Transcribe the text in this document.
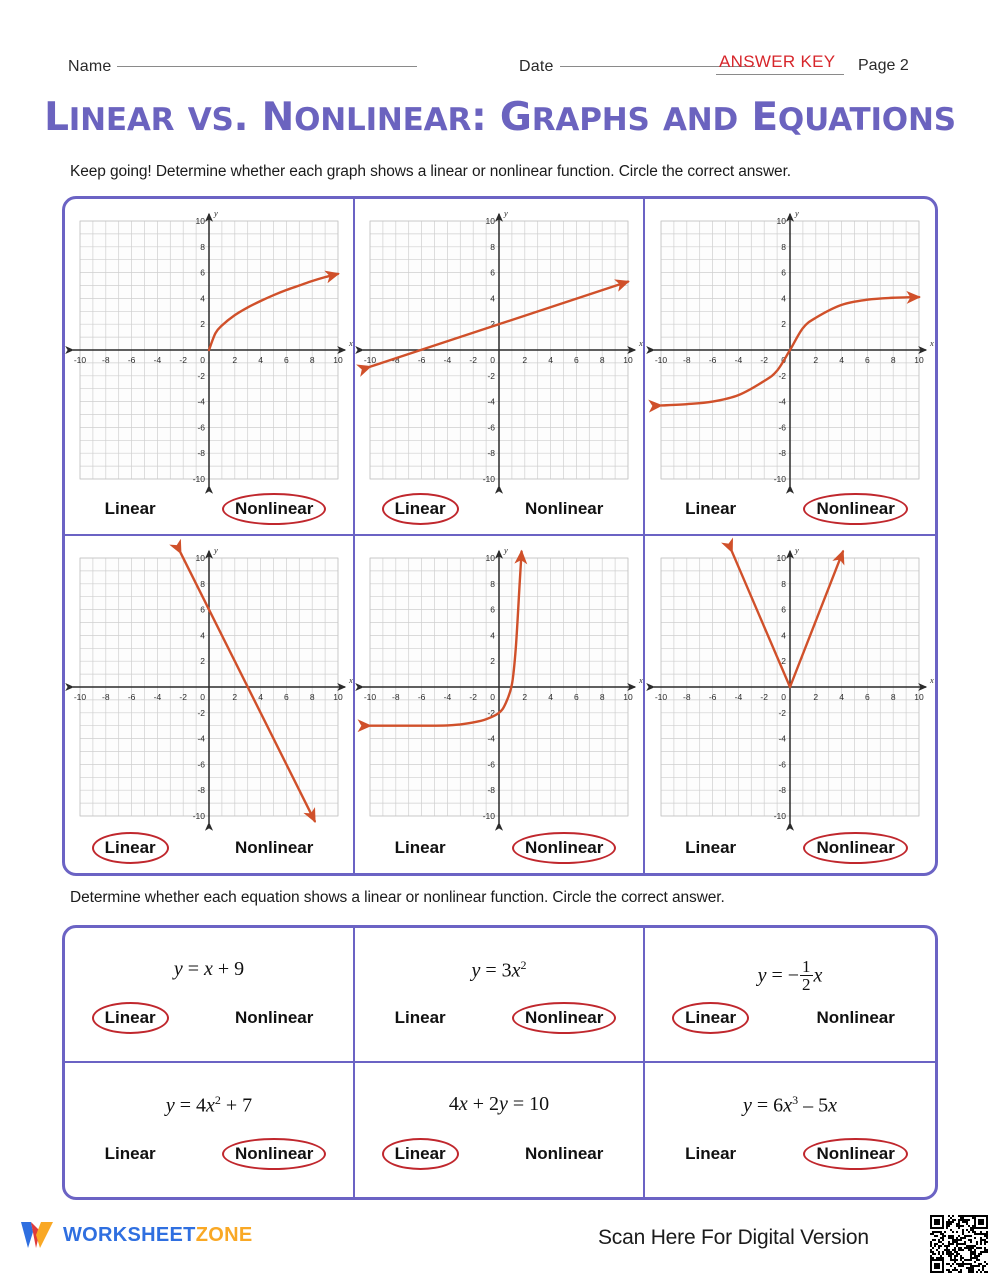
Name	Date	ANSWER KEY Page 2
LINEAR VS. NONLINEAR: GRAPHS AND EQUATIONS
Keep going! Determine whether each graph shows a linear or nonlinear function. Circle the correct answer.
x
y
-10 -8 -6 -4 -2	2 4 6 8 10
-10
-8
-6
-4
-2
2
4
6
8
10
0
Linear	Nonlinear
x
y
-10 -8 -6 -4 -2	2 4 6 8 10
-10
-8
-6
-4
-2
2
4
6
8
10
0
Linear	Nonlinear
x
y
-10 -8 -6 -4 -2	2 4 6 8 10
-10
-8
-6
-4
-2
2
4
6
8
10
0
Linear	Nonlinear
x
y
-10 -8 -6 -4 -2	2 4 6 8 10
-10
-8
-6
-4
-2
2
4
6
8
10
0
Linear	Nonlinear
x
y
-10 -8 -6 -4 -2	2 4 6 8 10
-10
-8
-6
-4
-2
2
4
6
8
10
0
Linear	Nonlinear
x
y
-10 -8 -6 -4 -2	2 4 6 8 10
-10
-8
-6
-4
-2
2
4
6
8
10
0
Linear	Nonlinear
Determine whether each equation shows a linear or nonlinear function. Circle the correct answer.
y = x + 9
Linear	Nonlinear
$y = 3x^2$
Linear	Nonlinear
y = − $\frac{1}{2}$ x
Linear	Nonlinear
$y = 4x^2 + 7$
Linear	Nonlinear
4x + 2y = 10
Linear	Nonlinear
$y = 6x^3 - 5x$
Linear	Nonlinear
WORKSHEETZONE	Scan Here For Digital Version
